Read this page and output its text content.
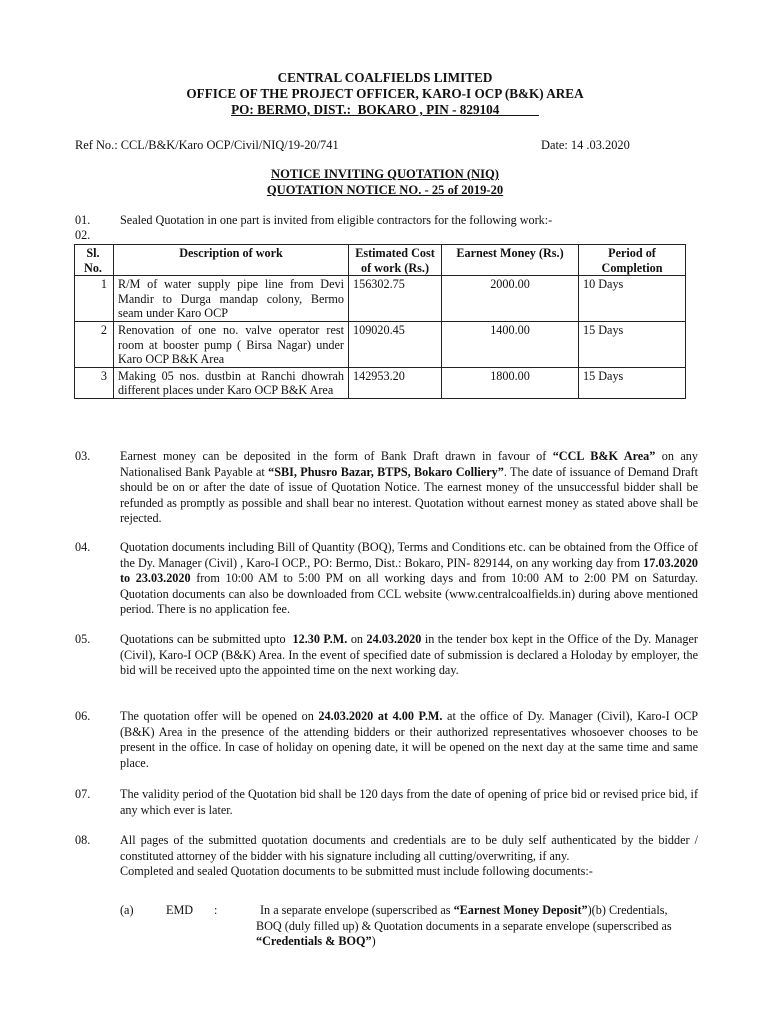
CENTRAL COALFIELDS LIMITED
OFFICE OF THE PROJECT OFFICER, KARO-I OCP (B&K) AREA
PO: BERMO, DIST.:  BOKARO , PIN - 829104
Ref No.: CCL/B&K/Karo OCP/Civil/NIQ/19-20/741	Date: 14 .03.2020
NOTICE INVITING QUOTATION (NIQ)
QUOTATION NOTICE NO. - 25 of 2019-20
01.
02.
Sealed Quotation in one part is invited from eligible contractors for the following work:-
Sl. No.	Description of work	Estimated Cost of work (Rs.)	Earnest Money (Rs.)	Period of Completion
1	R/M of water supply pipe line from Devi Mandir to Durga mandap colony, Bermo seam under Karo OCP	156302.75	2000.00	10 Days
2	Renovation of one no. valve operator rest room at booster pump ( Birsa Nagar) under Karo OCP B&K Area	109020.45	1400.00	15 Days
3	Making 05 nos. dustbin at Ranchi dhowrah different places under Karo OCP B&K Area	142953.20	1800.00	15 Days
03. Earnest money can be deposited in the form of Bank Draft drawn in favour of “CCL B&K Area” on any Nationalised Bank Payable at “SBI, Phusro Bazar, BTPS, Bokaro Colliery”. The date of issuance of Demand Draft should be on or after the date of issue of Quotation Notice. The earnest money of the unsuccessful bidder shall be refunded as promptly as possible and shall bear no interest. Quotation without earnest money as stated above shall be rejected.
04. Quotation documents including Bill of Quantity (BOQ), Terms and Conditions etc. can be obtained from the Office of the Dy. Manager (Civil) , Karo-I OCP., PO: Bermo, Dist.: Bokaro, PIN- 829144, on any working day from 17.03.2020 to 23.03.2020 from 10:00 AM to 5:00 PM on all working days and from 10:00 AM to 2:00 PM on Saturday. Quotation documents can also be downloaded from CCL website (www.centralcoalfields.in) during above mentioned period. There is no application fee.
05. Quotations can be submitted upto  12.30 P.M. on 24.03.2020 in the tender box kept in the Office of the Dy. Manager (Civil), Karo-I OCP (B&K) Area. In the event of specified date of submission is declared a Holoday by employer, the bid will be received upto the appointed time on the next working day.
06. The quotation offer will be opened on 24.03.2020 at 4.00 P.M. at the office of Dy. Manager (Civil), Karo-I OCP (B&K) Area in the presence of the attending bidders or their authorized representatives whosoever chooses to be present in the office. In case of holiday on opening date, it will be opened on the next day at the same time and same place.
07. The validity period of the Quotation bid shall be 120 days from the date of opening of price bid or revised price bid, if any which ever is later.
08. All pages of the submitted quotation documents and credentials are to be duly self authenticated by the bidder / constituted attorney of the bidder with his signature including all cutting/overwriting, if any.
Completed and sealed Quotation documents to be submitted must include following documents:-
(a)	EMD :	In a separate envelope (superscribed as “Earnest Money Deposit”)(b) Credentials, BOQ (duly filled up) & Quotation documents in a separate envelope (superscribed as    “Credentials & BOQ”)
